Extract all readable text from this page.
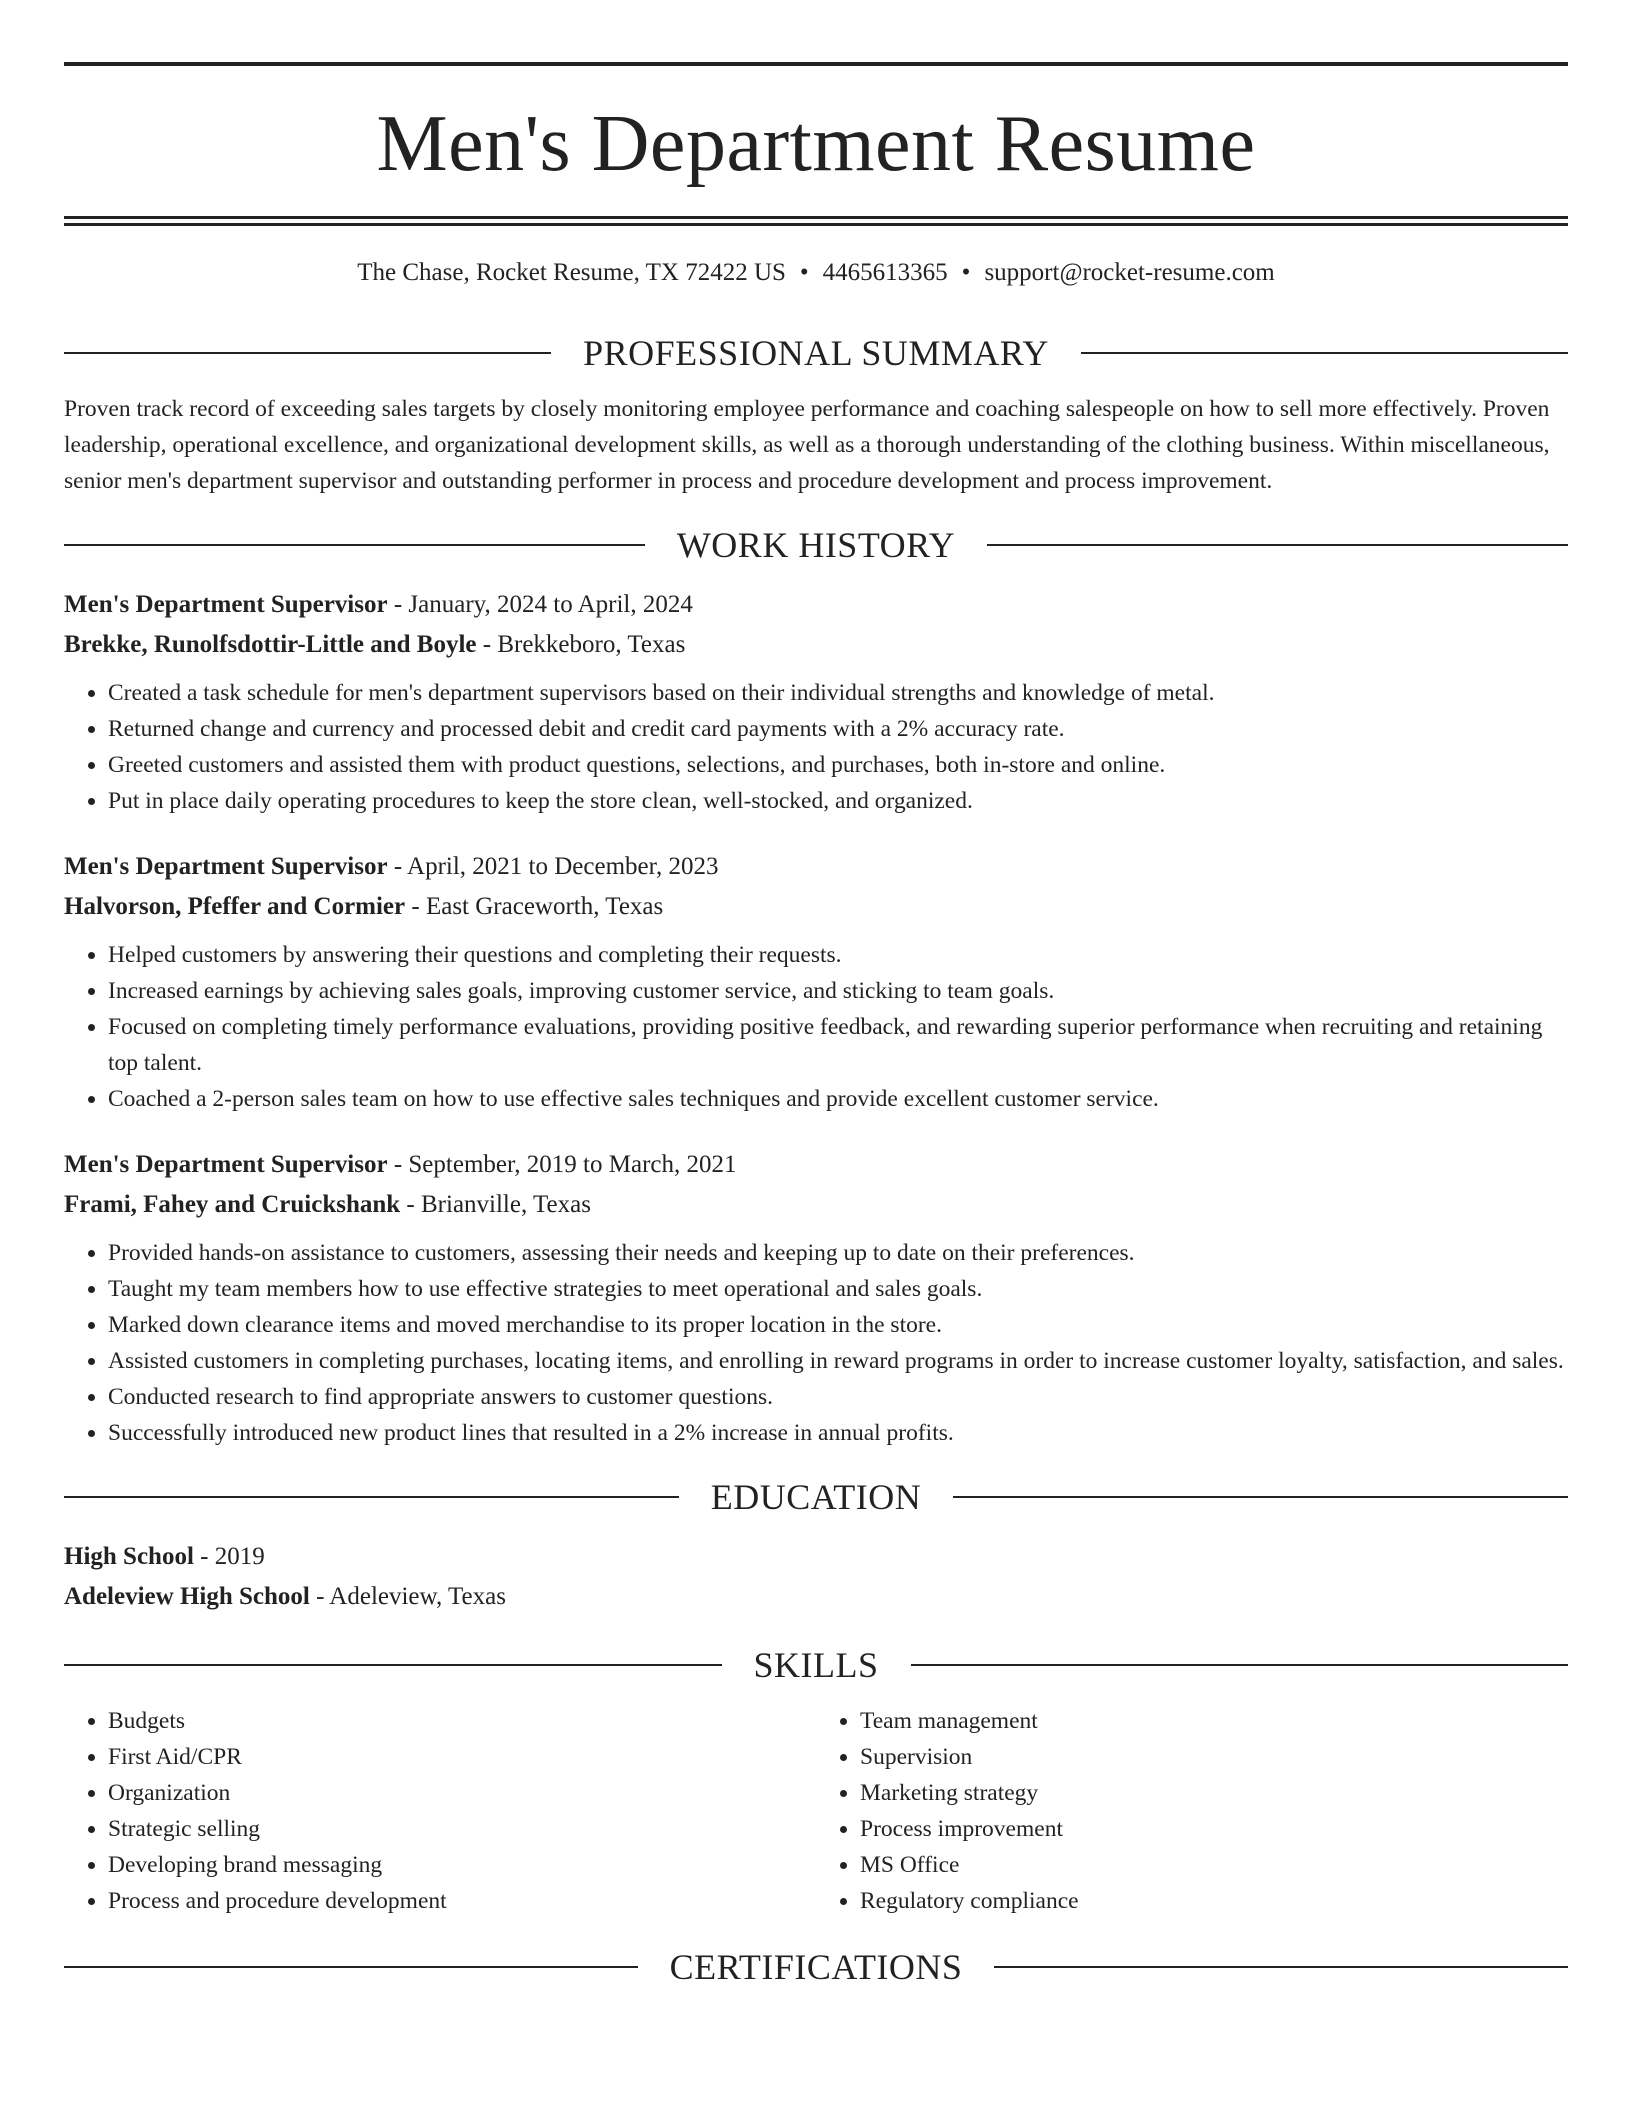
Men's Department Resume
The Chase, Rocket Resume, TX 72422 US • 4465613365 • support@rocket-resume.com
PROFESSIONAL SUMMARY

Proven track record of exceeding sales targets by closely monitoring employee performance and coaching salespeople on how to sell more effectively. Proven leadership, operational excellence, and organizational development skills, as well as a thorough understanding of the clothing business. Within miscellaneous, senior men's department supervisor and outstanding performer in process and procedure development and process improvement.

WORK HISTORY
Men's Department Supervisor - January, 2024 to April, 2024
Brekke, Runolfsdottir-Little and Boyle - Brekkeboro, Texas
• Created a task schedule for men's department supervisors based on their individual strengths and knowledge of metal.
• Returned change and currency and processed debit and credit card payments with a 2% accuracy rate.
• Greeted customers and assisted them with product questions, selections, and purchases, both in-store and online.
• Put in place daily operating procedures to keep the store clean, well-stocked, and organized.
Men's Department Supervisor - April, 2021 to December, 2023
Halvorson, Pfeffer and Cormier - East Graceworth, Texas
• Helped customers by answering their questions and completing their requests.
• Increased earnings by achieving sales goals, improving customer service, and sticking to team goals.
• Focused on completing timely performance evaluations, providing positive feedback, and rewarding superior performance when recruiting and retaining top talent.
• Coached a 2-person sales team on how to use effective sales techniques and provide excellent customer service.
Men's Department Supervisor - September, 2019 to March, 2021
Frami, Fahey and Cruickshank - Brianville, Texas
• Provided hands-on assistance to customers, assessing their needs and keeping up to date on their preferences.
• Taught my team members how to use effective strategies to meet operational and sales goals.
• Marked down clearance items and moved merchandise to its proper location in the store.
• Assisted customers in completing purchases, locating items, and enrolling in reward programs in order to increase customer loyalty, satisfaction, and sales.
• Conducted research to find appropriate answers to customer questions.
• Successfully introduced new product lines that resulted in a 2% increase in annual profits.
EDUCATION
High School - 2019
Adeleview High School - Adeleview, Texas
SKILLS
• Budgets
• First Aid/CPR
• Organization
• Strategic selling
• Developing brand messaging
• Process and procedure development
• Team management
• Supervision
• Marketing strategy
• Process improvement
• MS Office
• Regulatory compliance
CERTIFICATIONS
